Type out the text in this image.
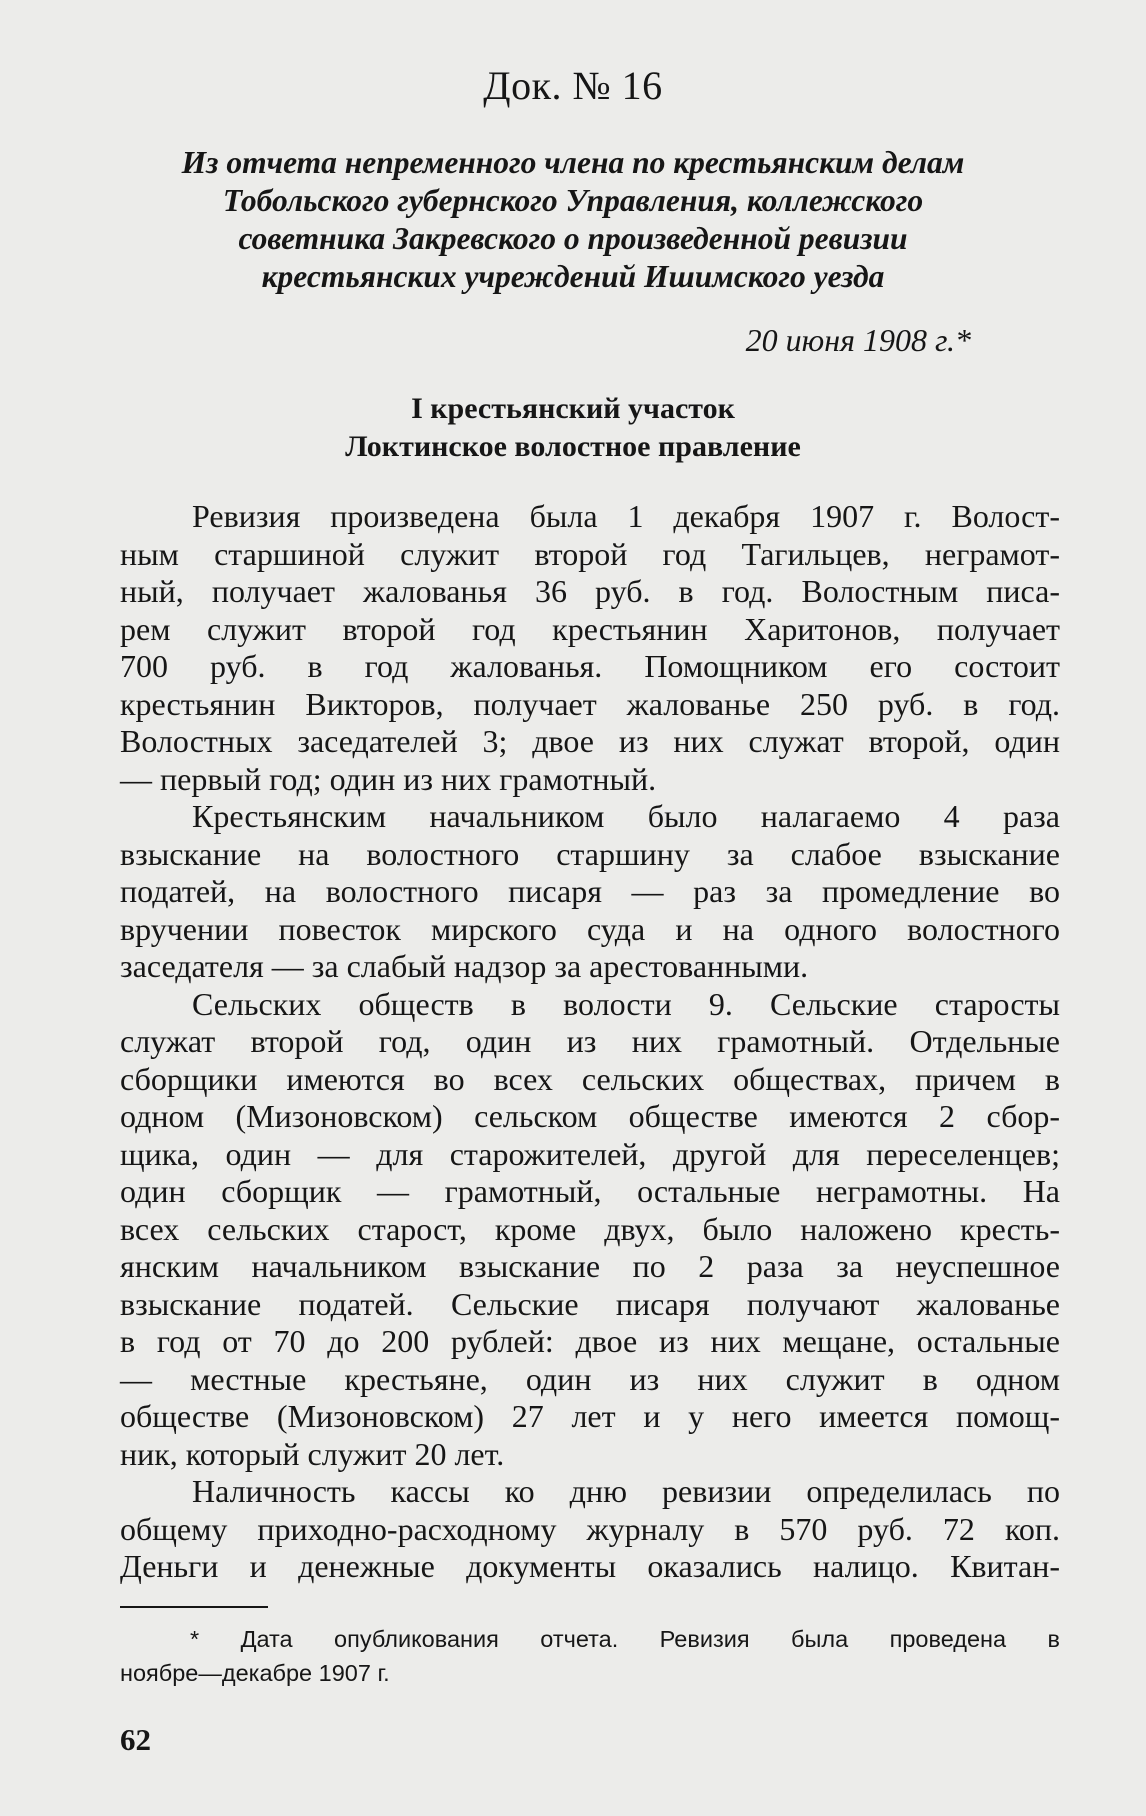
Док. № 16
Из отчета непременного члена по крестьянским делам
Тобольского губернского Управления, коллежского
советника Закревского о произведенной ревизии
крестьянских учреждений Ишимского уезда
20 июня 1908 г.*
I крестьянский участок
Локтинское волостное правление
Ревизия произведена была 1 декабря 1907 г. Волост-
ным старшиной служит второй год Тагильцев, неграмот-
ный, получает жалованья 36 руб. в год. Волостным писа-
рем служит второй год крестьянин Харитонов, получает
700 руб. в год жалованья. Помощником его состоит
крестьянин Викторов, получает жалованье 250 руб. в год.
Волостных заседателей 3; двое из них служат второй, один
— первый год; один из них грамотный.
Крестьянским начальником было налагаемо 4 раза
взыскание на волостного старшину за слабое взыскание
податей, на волостного писаря — раз за промедление во
вручении повесток мирского суда и на одного волостного
заседателя — за слабый надзор за арестованными.
Сельских обществ в волости 9. Сельские старосты
служат второй год, один из них грамотный. Отдельные
сборщики имеются во всех сельских обществах, причем в
одном (Мизоновском) сельском обществе имеются 2 сбор-
щика, один — для старожителей, другой для переселенцев;
один сборщик — грамотный, остальные неграмотны. На
всех сельских старост, кроме двух, было наложено кресть-
янским начальником взыскание по 2 раза за неуспешное
взыскание податей. Сельские писаря получают жалованье
в год от 70 до 200 рублей: двое из них мещане, остальные
— местные крестьяне, один из них служит в одном
обществе (Мизоновском) 27 лет и у него имеется помощ-
ник, который служит 20 лет.
Наличность кассы ко дню ревизии определилась по
общему приходно-расходному журналу в 570 руб. 72 коп.
Деньги и денежные документы оказались налицо. Квитан-
* Дата опубликования отчета. Ревизия была проведена в
ноябре—декабре 1907 г.
62
